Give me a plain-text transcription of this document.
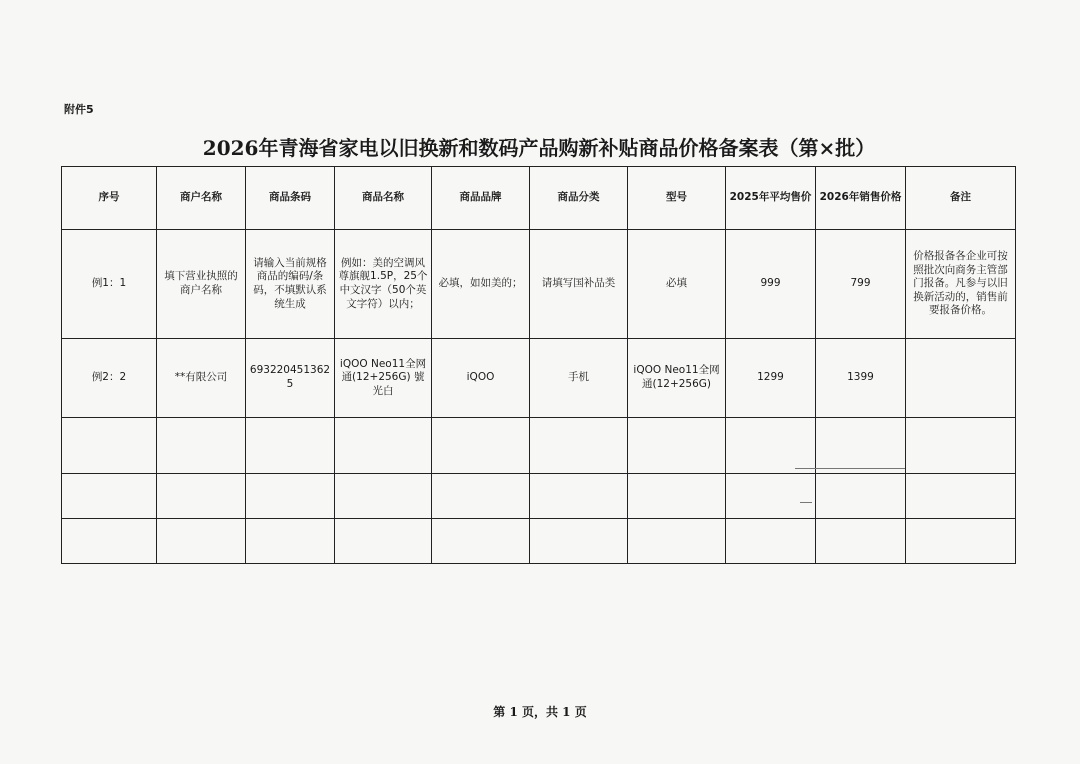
附件5
2026年青海省家电以旧换新和数码产品购新补贴商品价格备案表（第×批）
序号	商户名称	商品条码	商品名称	商品品牌	商品分类	型号	2025年平均售价	2026年销售价格	备注
例1：1	填下营业执照的商户名称	请输入当前规格商品的编码/条码，不填默认系统生成	例如：美的空调风尊旗舰1.5P，25个中文汉字（50个英文字符）以内；	必填，如如美的；	请填写国补品类	必填	999	799	价格报备各企业可按照批次向商务主管部门报备。凡参与以旧换新活动的，销售前要报备价格。
例2：2	**有限公司	6932204513625	iQOO Neo11全网通(12+256G) 號光白	iQOO	手机	iQOO Neo11全网通(12+256G)	1299	1399	

第 1 页，共 1 页
